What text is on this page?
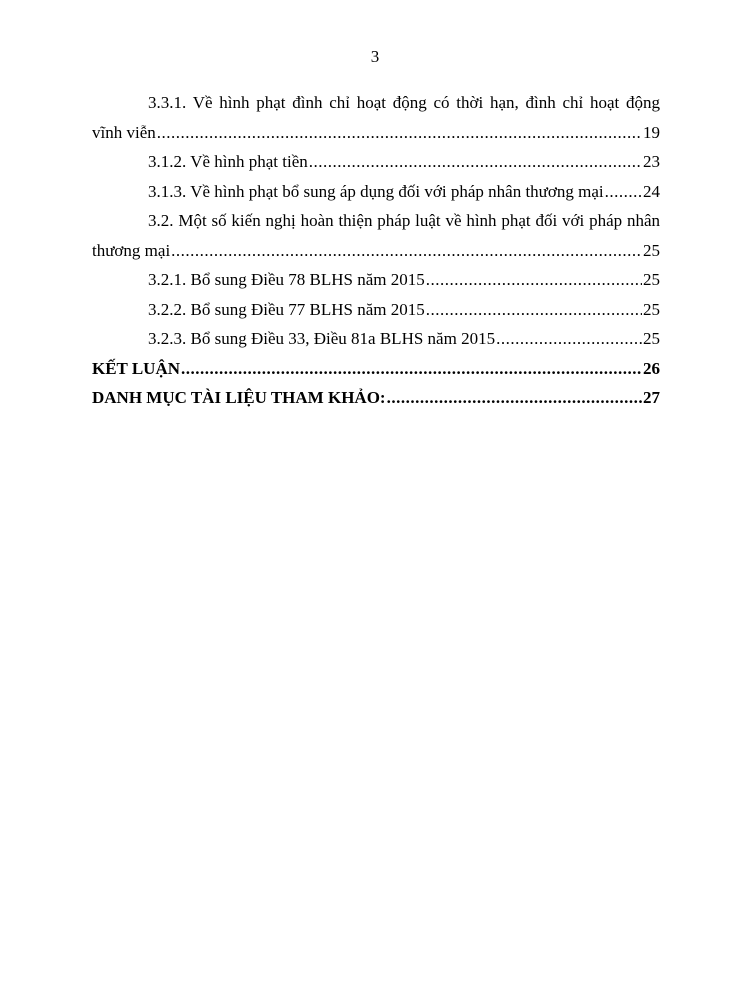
3
3.3.1. Về hình phạt đình chỉ hoạt động có thời hạn, đình chỉ hoạt động
vĩnh viễn .....	19
3.1.2. Về hình phạt tiền .....	23
3.1.3. Về hình phạt bổ sung áp dụng đối với pháp nhân thương mại ..... 24
3.2. Một số kiến nghị hoàn thiện pháp luật về hình phạt đối với pháp nhân
thương mại .....	25
3.2.1. Bổ sung Điều 78 BLHS năm 2015 .....	25
3.2.2. Bổ sung Điều 77 BLHS năm 2015 .....	25
3.2.3. Bổ sung Điều 33, Điều 81a BLHS năm 2015 .....	25
KẾT LUẬN .....	26
DANH MỤC TÀI LIỆU THAM KHẢO: .....	27
